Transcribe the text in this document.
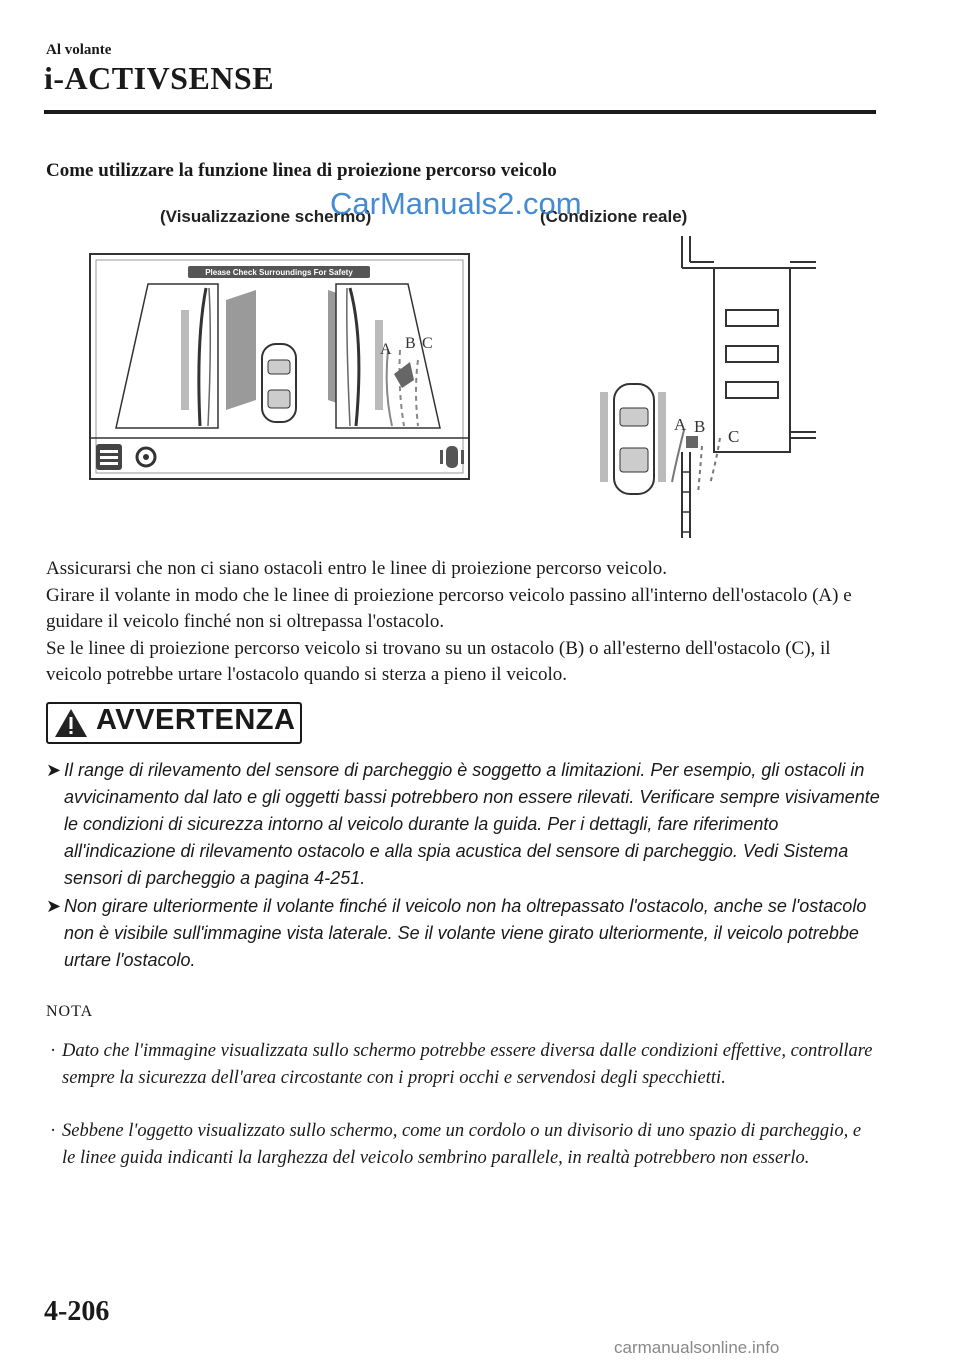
Al volante
i-ACTIVSENSE
Come utilizzare la funzione linea di proiezione percorso veicolo
(Visualizzazione schermo)	(Condizione reale)
Please Check Surroundings For Safety
A B C
A B
C
CarManuals2.com

Assicurarsi che non ci siano ostacoli entro le linee di proiezione percorso veicolo.

Girare il volante in modo che le linee di proiezione percorso veicolo passino all'interno dell'ostacolo (A) e guidare il veicolo finché non si oltrepassa l'ostacolo.

Se le linee di proiezione percorso veicolo si trovano su un ostacolo (B) o all'esterno dell'ostacolo (C), il veicolo potrebbe urtare l'ostacolo quando si sterza a pieno il veicolo.

AVVERTENZA
➤ Il range di rilevamento del sensore di parcheggio è soggetto a limitazioni. Per esempio, gli ostacoli in avvicinamento dal lato e gli oggetti bassi potrebbero non essere rilevati. Verificare sempre visivamente le condizioni di sicurezza intorno al veicolo durante la guida. Per i dettagli, fare riferimento all'indicazione di rilevamento ostacolo e alla spia acustica del sensore di parcheggio. Vedi Sistema sensori di parcheggio a pagina 4-251.
➤ Non girare ulteriormente il volante finché il veicolo non ha oltrepassato l'ostacolo, anche se l'ostacolo non è visibile sull'immagine vista laterale. Se il volante viene girato ulteriormente, il veicolo potrebbe urtare l'ostacolo.
NOTA
· Dato che l'immagine visualizzata sullo schermo potrebbe essere diversa dalle condizioni effettive, controllare sempre la sicurezza dell'area circostante con i propri occhi e servendosi degli specchietti.
· Sebbene l'oggetto visualizzato sullo schermo, come un cordolo o un divisorio di uno spazio di parcheggio, e le linee guida indicanti la larghezza del veicolo sembrino parallele, in realtà potrebbero non esserlo.
4-206
carmanualsonline.info
